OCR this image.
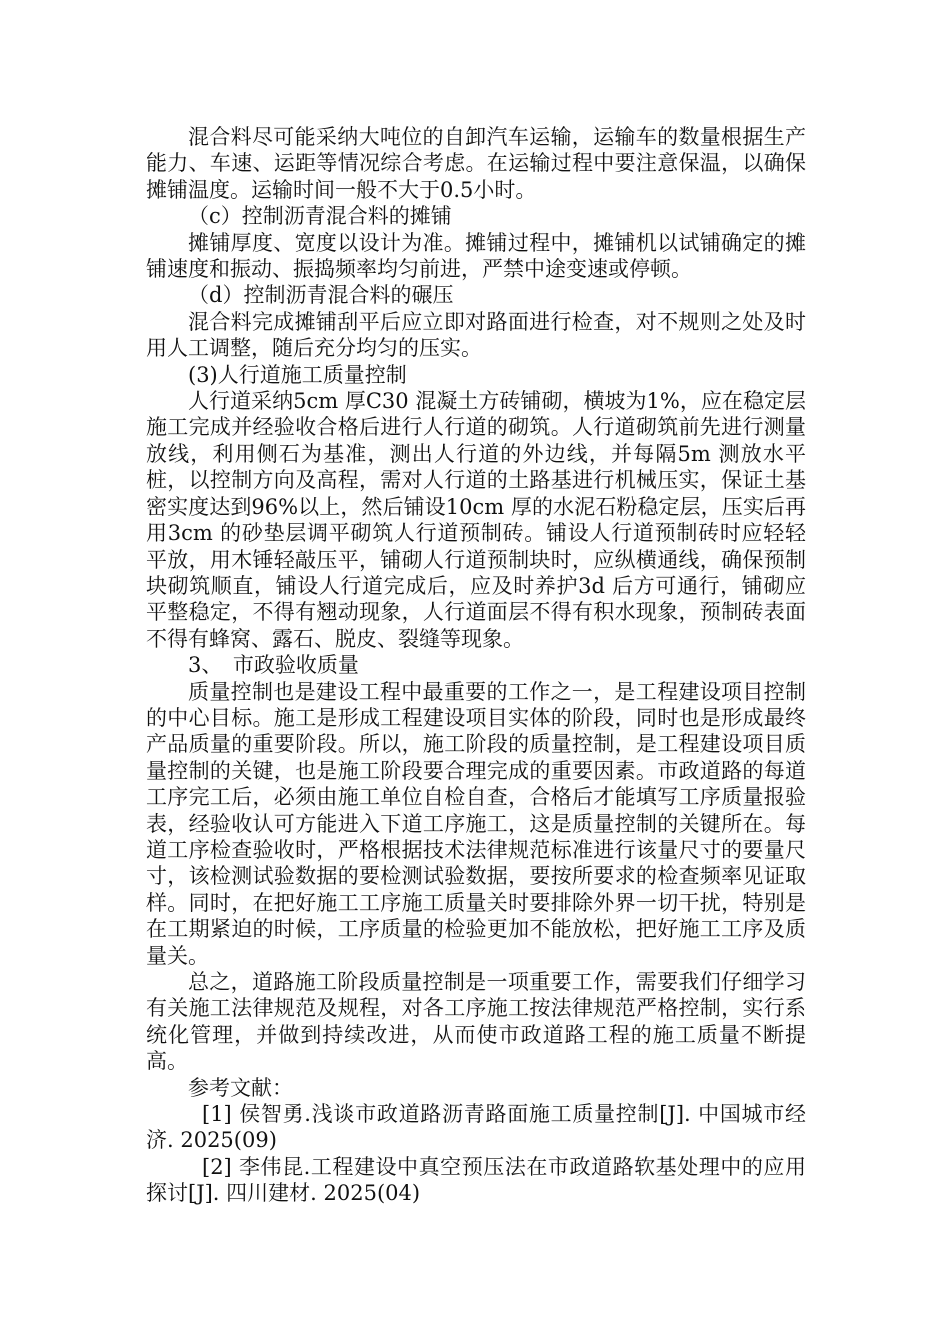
混合料尽可能采纳大吨位的自卸汽车运输，运输车的数量根据生产能力、车速、运距等情况综合考虑。在运输过程中要注意保温，以确保摊铺温度。运输时间一般不大于0.5小时。

（c）控制沥青混合料的摊铺

摊铺厚度、宽度以设计为准。摊铺过程中，摊铺机以试铺确定的摊铺速度和振动、振捣频率均匀前进，严禁中途变速或停顿。

（d）控制沥青混合料的碾压

混合料完成摊铺刮平后应立即对路面进行检查，对不规则之处及时用人工调整，随后充分均匀的压实。

(3)人行道施工质量控制

人行道采纳5cm 厚C30 混凝土方砖铺砌，横坡为1%，应在稳定层施工完成并经验收合格后进行人行道的砌筑。人行道砌筑前先进行测量放线，利用侧石为基准，测出人行道的外边线，并每隔5m 测放水平桩，以控制方向及高程，需对人行道的土路基进行机械压实，保证土基密实度达到96%以上，然后铺设10cm 厚的水泥石粉稳定层，压实后再用3cm 的砂垫层调平砌筑人行道预制砖。铺设人行道预制砖时应轻轻平放，用木锤轻敲压平，铺砌人行道预制块时，应纵横通线，确保预制块砌筑顺直，铺设人行道完成后，应及时养护3d 后方可通行，铺砌应平整稳定，不得有翘动现象，人行道面层不得有积水现象，预制砖表面不得有蜂窝、露石、脱皮、裂缝等现象。

3、　市政验收质量

质量控制也是建设工程中最重要的工作之一，是工程建设项目控制的中心目标。施工是形成工程建设项目实体的阶段，同时也是形成最终产品质量的重要阶段。所以，施工阶段的质量控制，是工程建设项目质量控制的关键，也是施工阶段要合理完成的重要因素。市政道路的每道工序完工后，必须由施工单位自检自查，合格后才能填写工序质量报验表，经验收认可方能进入下道工序施工，这是质量控制的关键所在。每道工序检查验收时，严格根据技术法律规范标准进行该量尺寸的要量尺寸，该检测试验数据的要检测试验数据，要按所要求的检查频率见证取样。同时，在把好施工工序施工质量关时要排除外界一切干扰，特别是在工期紧迫的时候，工序质量的检验更加不能放松，把好施工工序及质量关。

总之，道路施工阶段质量控制是一项重要工作，需要我们仔细学习有关施工法律规范及规程，对各工序施工按法律规范严格控制，实行系统化管理，并做到持续改进，从而使市政道路工程的施工质量不断提高。

参考文献：

[1] 侯智勇.浅谈市政道路沥青路面施工质量控制[J]. 中国城市经济. 2025(09)

[2] 李伟昆.工程建设中真空预压法在市政道路软基处理中的应用探讨[J]. 四川建材. 2025(04)
